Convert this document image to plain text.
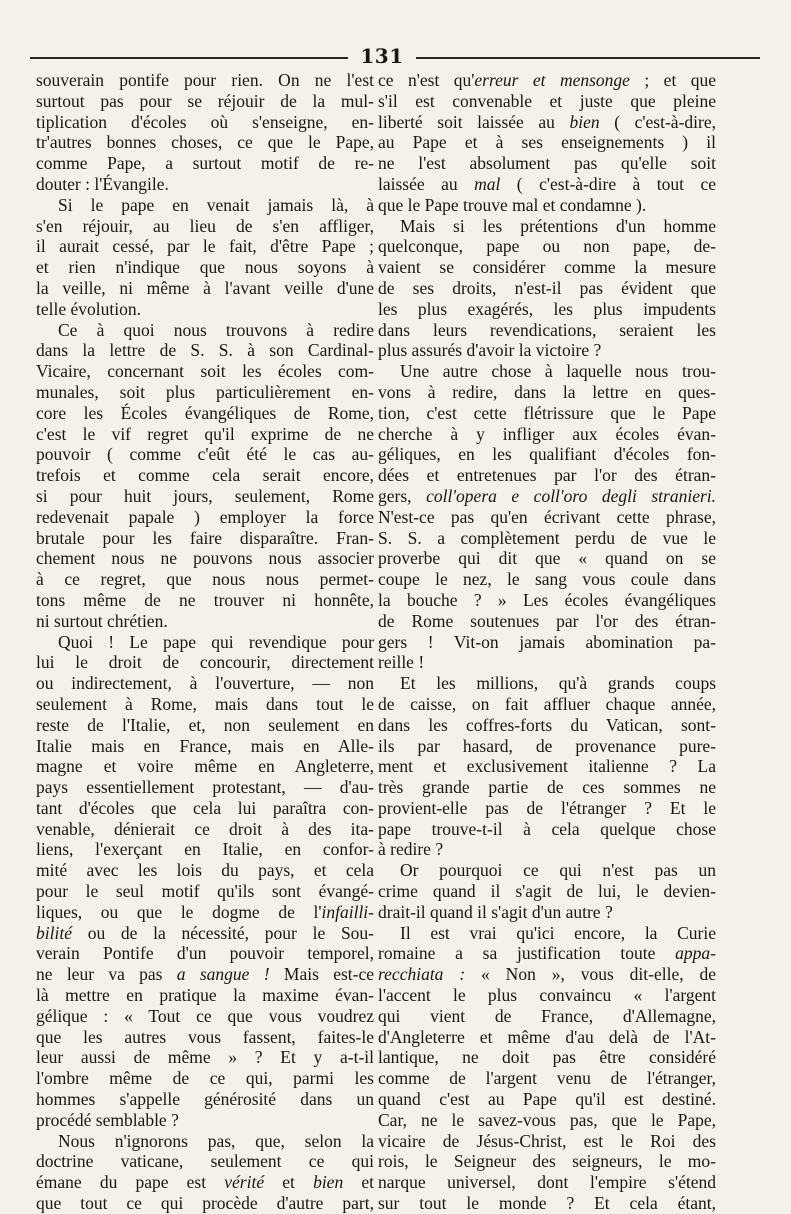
131
souverain pontife pour rien. On ne l'est
surtout pas pour se réjouir de la mul-
tiplication d'écoles où s'enseigne, en-
tr'autres bonnes choses, ce que le Pape,
comme Pape, a surtout motif de re-
douter : l'Évangile.
Si le pape en venait jamais là, à
s'en réjouir, au lieu de s'en affliger,
il aurait cessé, par le fait, d'être Pape ;
et rien n'indique que nous soyons à
la veille, ni même à l'avant veille d'une
telle évolution.
Ce à quoi nous trouvons à redire
dans la lettre de S. S. à son Cardinal-
Vicaire, concernant soit les écoles com-
munales, soit plus particulièrement en-
core les Écoles évangéliques de Rome,
c'est le vif regret qu'il exprime de ne
pouvoir ( comme c'eût été le cas au-
trefois et comme cela serait encore,
si pour huit jours, seulement, Rome
redevenait papale ) employer la force
brutale pour les faire disparaître. Fran-
chement nous ne pouvons nous associer
à ce regret, que nous nous permet-
tons même de ne trouver ni honnête,
ni surtout chrétien.
Quoi ! Le pape qui revendique pour
lui le droit de concourir, directement
ou indirectement, à l'ouverture, — non
seulement à Rome, mais dans tout le
reste de l'Italie, et, non seulement en
Italie mais en France, mais en Alle-
magne et voire même en Angleterre,
pays essentiellement protestant, — d'au-
tant d'écoles que cela lui paraîtra con-
venable, dénierait ce droit à des ita-
liens, l'exerçant en Italie, en confor-
mité avec les lois du pays, et cela
pour le seul motif qu'ils sont évangé-
liques, ou que le dogme de l'infailli-
bilité ou de la nécessité, pour le Sou-
verain Pontife d'un pouvoir temporel,
ne leur va pas a sangue ! Mais est-ce
là mettre en pratique la maxime évan-
gélique : « Tout ce que vous voudrez
que les autres vous fassent, faites-le
leur aussi de même » ? Et y a-t-il
l'ombre même de ce qui, parmi les
hommes s'appelle générosité dans un
procédé semblable ?
Nous n'ignorons pas, que, selon la
doctrine vaticane, seulement ce qui
émane du pape est vérité et bien et
que tout ce qui procède d'autre part,
ce n'est qu'erreur et mensonge ; et que
s'il est convenable et juste que pleine
liberté soit laissée au bien ( c'est-à-dire,
au Pape et à ses enseignements ) il
ne l'est absolument pas qu'elle soit
laissée au mal ( c'est-à-dire à tout ce
que le Pape trouve mal et condamne ).
Mais si les prétentions d'un homme
quelconque, pape ou non pape, de-
vaient se considérer comme la mesure
de ses droits, n'est-il pas évident que
les plus exagérés, les plus impudents
dans leurs revendications, seraient les
plus assurés d'avoir la victoire ?
Une autre chose à laquelle nous trou-
vons à redire, dans la lettre en ques-
tion, c'est cette flétrissure que le Pape
cherche à y infliger aux écoles évan-
géliques, en les qualifiant d'écoles fon-
dées et entretenues par l'or des étran-
gers, coll'opera e coll'oro degli stranieri.
N'est-ce pas qu'en écrivant cette phrase,
S. S. a complètement perdu de vue le
proverbe qui dit que « quand on se
coupe le nez, le sang vous coule dans
la bouche ? » Les écoles évangéliques
de Rome soutenues par l'or des étran-
gers ! Vit-on jamais abomination pa-
reille !
Et les millions, qu'à grands coups
de caisse, on fait affluer chaque année,
dans les coffres-forts du Vatican, sont-
ils par hasard, de provenance pure-
ment et exclusivement italienne ? La
très grande partie de ces sommes ne
provient-elle pas de l'étranger ? Et le
pape trouve-t-il à cela quelque chose
à redire ?
Or pourquoi ce qui n'est pas un
crime quand il s'agit de lui, le devien-
drait-il quand il s'agit d'un autre ?
Il est vrai qu'ici encore, la Curie
romaine a sa justification toute appa-
recchiata : « Non », vous dit-elle, de
l'accent le plus convaincu « l'argent
qui vient de France, d'Allemagne,
d'Angleterre et même d'au delà de l'At-
lantique, ne doit pas être considéré
comme de l'argent venu de l'étranger,
quand c'est au Pape qu'il est destiné.
Car, ne le savez-vous pas, que le Pape,
vicaire de Jésus-Christ, est le Roi des
rois, le Seigneur des seigneurs, le mo-
narque universel, dont l'empire s'étend
sur tout le monde ? Et cela étant,
